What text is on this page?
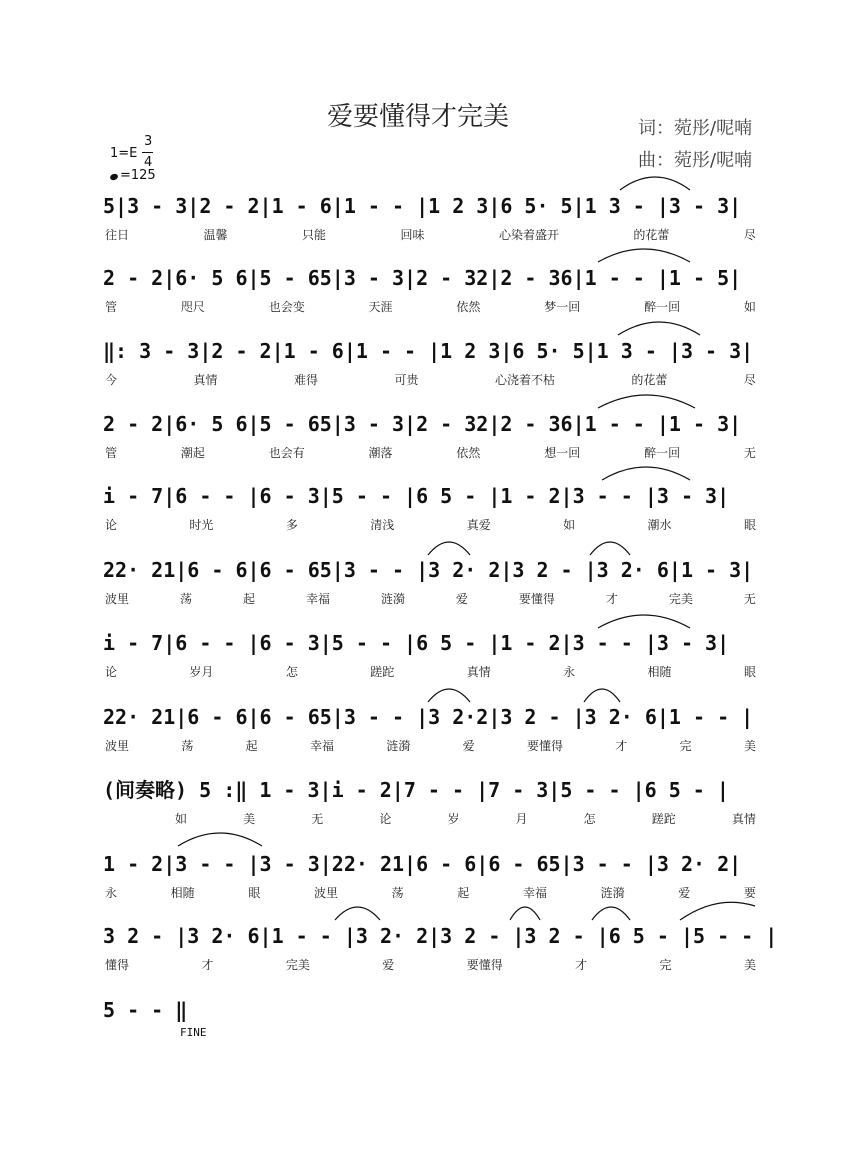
爱要懂得才完美	词：菀彤/呢喃
曲：菀彤/呢喃
1=E
3
4
=125
5|3 - 3|2 - 2|1 - 6|1 - - |1 2 3|6 5· 5|1 3 - |3 - 3|
往日	温馨	只能	回味	心染着盛开	的花蕾	尽
2 - 2|6· 5 6|5 - 65|3 - 3|2 - 32|2 - 36|1 - - |1 - 5|
管	咫尺	也会变	天涯	依然	梦一回	醉一回	如
‖: 3 - 3|2 - 2|1 - 6|1 - - |1 2 3|6 5· 5|1 3 - |3 - 3|
今	真情	难得	可贵	心浇着不枯	的花蕾	尽
2 - 2|6· 5 6|5 - 65|3 - 3|2 - 32|2 - 36|1 - - |1 - 3|
管	潮起	也会有	潮落	依然	想一回	醉一回	无
i - 7|6 - - |6 - 3|5 - - |6 5 - |1 - 2|3 - - |3 - 3|
论	时光	多	清浅	真爱	如	潮水	眼
22· 21|6 - 6|6 - 65|3 - - |3 2· 2|3 2 - |3 2· 6|1 - 3|
波里	荡	起	幸福	涟漪	爱	要懂得	才	完美	无
i - 7|6 - - |6 - 3|5 - - |6 5 - |1 - 2|3 - - |3 - 3|
论	岁月	怎	蹉跎	真情	永	相随	眼
22· 21|6 - 6|6 - 65|3 - - |3 2·2|3 2 - |3 2· 6|1 - - |
波里	荡	起	幸福	涟漪	爱	要懂得	才	完	美
(间奏略) 5 :‖ 1 - 3|i - 2|7 - - |7 - 3|5 - - |6 5 - |
如	美	无	论	岁	月	怎	蹉跎	真情
1 - 2|3 - - |3 - 3|22· 21|6 - 6|6 - 65|3 - - |3 2· 2|
永	相随	眼	波里	荡	起	幸福	涟漪	爱	要
3 2 - |3 2· 6|1 - - |3 2· 2|3 2 - |3 2 - |6 5 - |5 - - |
懂得	才	完美	爱	要懂得	才	完	美
5 - - ‖
FINE
